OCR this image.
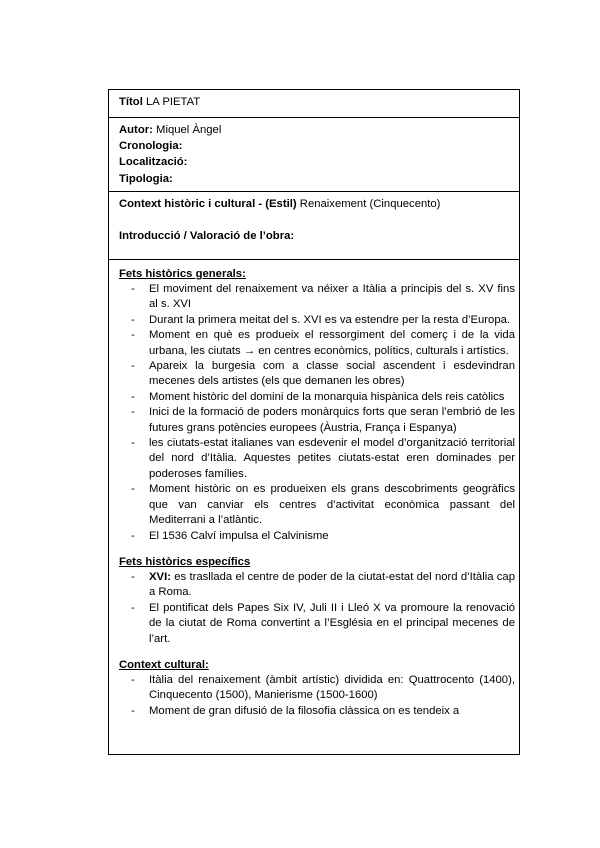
Títol LA PIETAT
Autor: Miquel Àngel
Cronologia:
Localització:
Tipologia:
Context històric i cultural - (Estil) Renaixement (Cinquecento)
Introducció / Valoració de l’obra:
Fets històrics generals:
- El moviment del renaixement va néixer a Itàlia a principis del s. XV fins al s. XVI
- Durant la primera meitat del s. XVI es va estendre per la resta d’Europa.
- Moment en què es produeix el ressorgiment del comerç i de la vida urbana, les ciutats → en centres econòmics, polítics, culturals i artístics.
- Apareix la burgesia com a classe social ascendent i esdevindran mecenes dels artistes (els que demanen les obres)
- Moment històric del domini de la monarquia hispànica dels reis catòlics
- Inici de la formació de poders monàrquics forts que seran l’embrió de les futures grans potències europees (Àustria, França i Espanya)
- les ciutats-estat italianes van esdevenir el model d’organització territorial del nord d’Itàlia. Aquestes petites ciutats-estat eren dominades per poderoses famílies.
- Moment històric on es produeixen els grans descobriments geogràfics que van canviar els centres d’activitat econòmica passant del Mediterrani a l’atlàntic.
- El 1536 Calví impulsa el Calvinisme
Fets històrics específics
- XVI: es trasllada el centre de poder de la ciutat-estat del nord d’Itàlia cap a Roma.
- El pontificat dels Papes Six IV, Juli II i Lleó X va promoure la renovació de la ciutat de Roma convertint a l’Església en el principal mecenes de l’art.
Context cultural:
- Itàlia del renaixement (àmbit artístic) dividida en: Quattrocento (1400), Cinquecento (1500), Manierisme (1500-1600)
- Moment de gran difusió de la filosofia clàssica on es tendeix a
